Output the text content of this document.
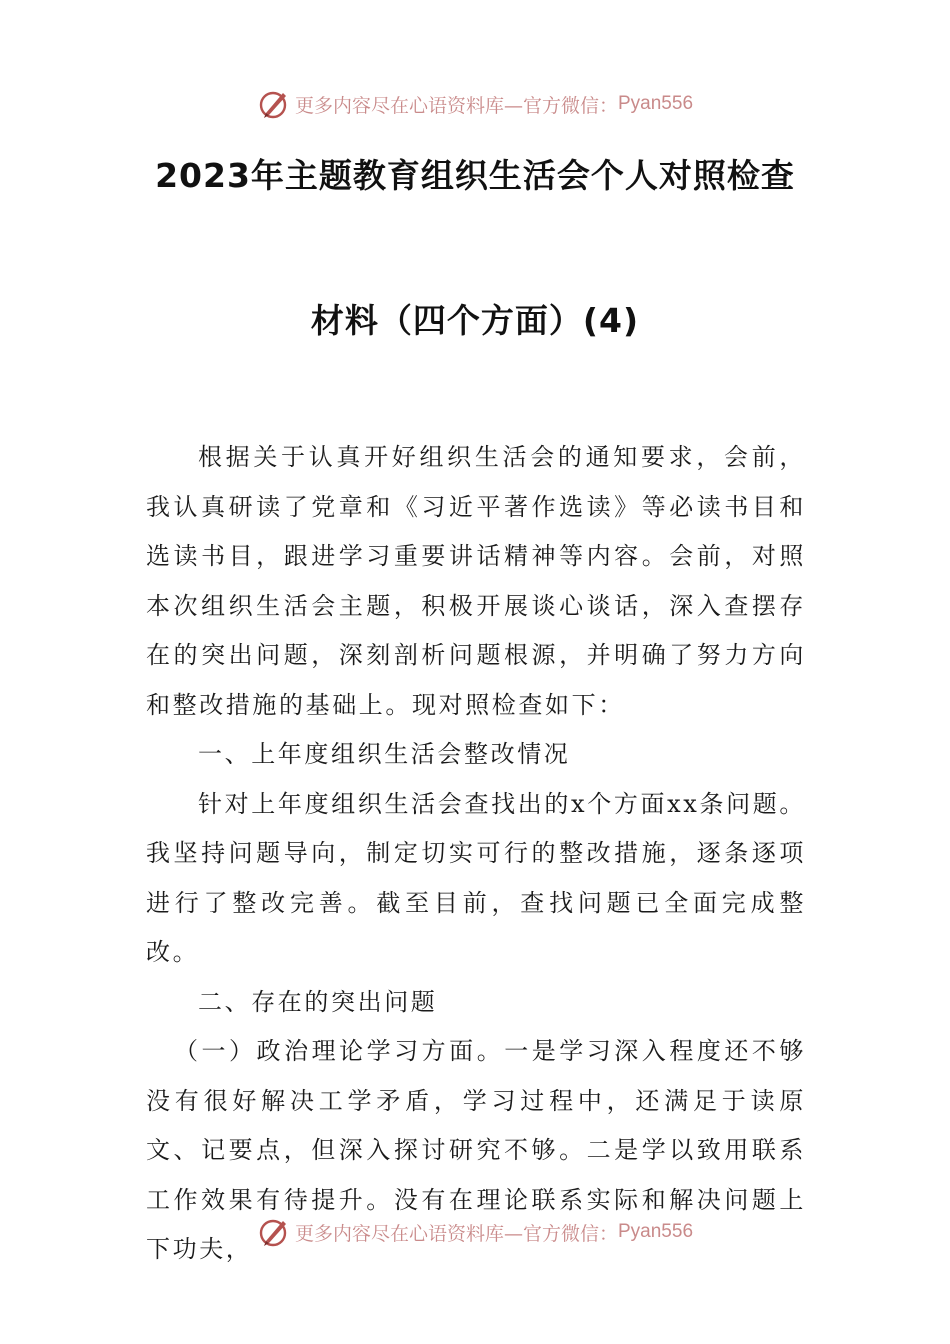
更多内容尽在心语资料库—官方微信： Pyan556
2023年主题教育组织生活会个人对照检查
材料（四个方面）(4)

根据关于认真开好组织生活会的通知要求，会前，我认真研读了党章和《习近平著作选读》等必读书目和选读书目，跟进学习重要讲话精神等内容。会前，对照本次组织生活会主题，积极开展谈心谈话，深入查摆存在的突出问题，深刻剖析问题根源，并明确了努力方向和整改措施的基础上。现对照检查如下：

一、上年度组织生活会整改情况

针对上年度组织生活会查找出的x个方面xx条问题。我坚持问题导向，制定切实可行的整改措施，逐条逐项进行了整改完善。截至目前，查找问题已全面完成整改。

二、存在的突出问题

（一）政治理论学习方面。一是学习深入程度还不够没有很好解决工学矛盾，学习过程中，还满足于读原文、记要点，但深入探讨研究不够。二是学以致用联系工作效果有待提升。没有在理论联系实际和解决问题上下功夫，

更多内容尽在心语资料库—官方微信： Pyan556
